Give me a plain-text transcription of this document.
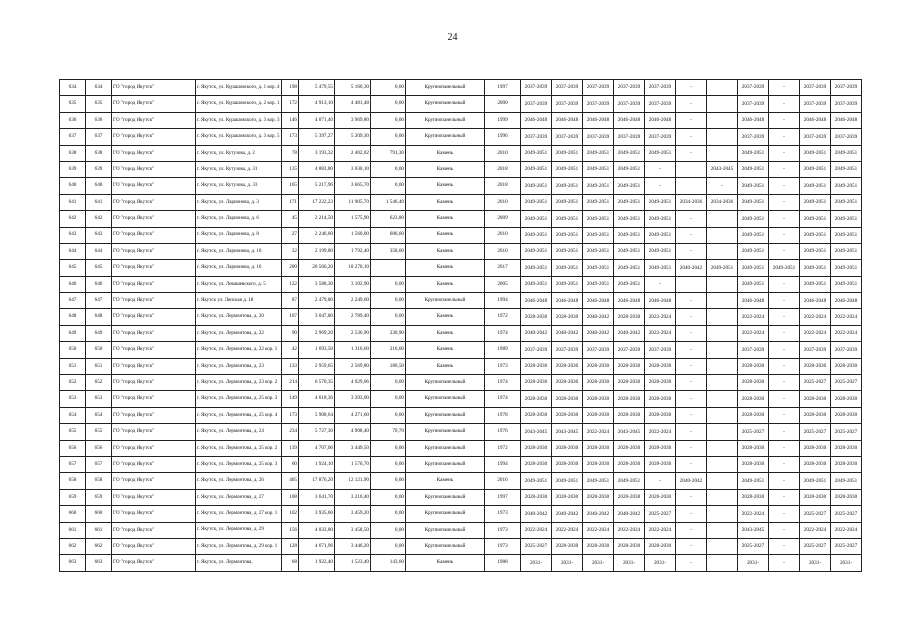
24
634	634	ГО "город Якутск"	г. Якутск, ул. Курашовского, д. 1 кор. 4	198	5 479,55	5 160,30	0,00	Крупнопанельный	1997	2037-2039	2037-2039	2037-2039	2037-2039	2037-2039	-		2037-2039	-	2037-2039	2037-2039
635	635	ГО "город Якутск"	г. Якутск, ул. Курашовского, д. 2 кор. 1	172	4 913,10	4 481,48	0,00	Крупнопанельный	2000	2037-2039	2037-2039	2037-2039	2037-2039	2037-2039	-		2037-2039	-	2037-2039	2037-2039
636	636	ГО "город Якутск"	г. Якутск, ул. Курашовского, д. 3 кор. 3	146	4 071,40	3 969,80	0,00	Крупнопанельный	1999	2046-2048	2046-2048	2046-2048	2046-2048	2046-2048	-		2046-2048	-	2046-2048	2046-2048
637	637	ГО "город Якутск"	г. Якутск, ул. Курашовского, д. 3 кор. 5	173	5 397,27	5 209,30	0,00	Крупнопанельный	1996	2037-2039	2037-2039	2037-2039	2037-2039	2037-2039	-		2037-2039	-	2037-2039	2037-2039
638	638	ГО "город Якутск"	г. Якутск, ул. Кутузова, д. 2	78	3 193,32	2 402,02	791,30	Камень	2010	2049-2051	2049-2051	2049-2051	2049-2051	2049-2051	-		2049-2051	-	2049-2051	2049-2051
639	639	ГО "город Якутск"	г. Якутск, ул. Кутузова, д. 31	135	4 883,80	3 630,10	0,00	Камень	2018	2049-2051	2049-2051	2049-2051	2049-2051	-		2043-2045	2049-2051	-	2049-2051	2049-2051
640	640	ГО "город Якутск"	г. Якутск, ул. Кутузова, д. 33	165	5 217,96	3 665,70	0,00	Камень	2018	2049-2051	2049-2051	2049-2051	2049-2051	-		-	2049-2051	-	2049-2051	2049-2051
641	641	ГО "город Якутск"	г. Якутск, ул. Ларионова, д. 3	171	17 222,23	11 905,70	1 546,40	Камень	2010	2049-2051	2049-2051	2049-2051	2049-2051	2049-2051	2034-2036	2034-2036	2049-2051	-	2049-2051	2049-2051
642	642	ГО "город Якутск"	г. Якутск, ул. Ларионова, д. 6	45	2 214,50	1 575,90	623,80	Камень	2009	2049-2051	2049-2051	2049-2051	2049-2051	2049-2051	-		2049-2051	-	2049-2051	2049-2051
643	643	ГО "город Якутск"	г. Якутск, ул. Ларионова, д. 8	27	2 246,60	1 560,00	686,60	Камень	2010	2049-2051	2049-2051	2049-2051	2049-2051	2049-2051	-		2049-2051	-	2049-2051	2049-2051
644	644	ГО "город Якутск"	г. Якутск, ул. Ларионова, д. 10	32	2 199,80	1 792,40	358,60	Камень	2010	2049-2051	2049-2051	2049-2051	2049-2051	2049-2051	-		2049-2051	-	2049-2051	2049-2051
645	645	ГО "город Якутск"	г. Якутск, ул. Ларионова, д. 16	200	20 566,20	18 270,10		Камень	2017	2049-2051	2049-2051	2049-2051	2049-2051	2049-2051	2040-2042	2049-2051	2049-2051	2049-2051	2049-2051	2049-2051
646	646	ГО "город Якутск"	г. Якутск, ул. Левашевского, д. 5	122	3 588,30	3 102,90	0,00	Камень	2005	2049-2051	2049-2051	2049-2051	2049-2051	-			2049-2051	-	2049-2051	2049-2051
647	647	ГО "город Якутск"	г. Якутск ул. Ленская д. 18	87	2 479,80	2 249,60	0,00	Крупнопанельный	1994	2046-2048	2046-2048	2046-2048	2046-2048	2046-2048	-		2046-2048	-	2046-2048	2046-2048
648	648	ГО "город Якутск"	г. Якутск, ул. Лермонтова, д. 20	107	3 047,80	2 789,40	0,00	Камень	1972	2028-2030	2028-2030	2040-2042	2028-2030	2022-2024	-		2022-2024	-	2022-2024	2022-2024
649	649	ГО "город Якутск"	г. Якутск, ул. Лермонтова, д. 22	90	2 969,20	2 536,90	230,90	Камень	1974	2040-2042	2040-2042	2040-2042	2040-2042	2022-2024	-		2022-2024	-	2022-2024	2022-2024
650	650	ГО "город Якутск"	г. Якутск, ул. Лермонтова, д. 22 кор. 1	42	1 693,50	1 316,60	216,60	Камень	1989	2037-2039	2037-2039	2037-2039	2037-2039	2037-2039	-		2037-2039	-	2037-2039	2037-2039
651	651	ГО "город Якутск"	г. Якутск, ул. Лермонтова, д. 23	133	2 959,65	2 569,80	180,50	Камень	1973	2028-2030	2028-2030	2028-2030	2028-2030	2028-2030	-		2028-2030	-	2028-2030	2028-2030
652	652	ГО "город Якутск"	г. Якутск, ул. Лермонтова, д. 23 кор. 2	214	6 570,35	4 929,06	0,00	Крупнопанельный	1974	2028-2030	2028-2030	2028-2030	2028-2030	2028-2030	-		2028-2030	-	2025-2027	2025-2027
653	653	ГО "город Якутск"	г. Якутск, ул. Лермонтова, д. 25 кор. 3	149	4 618,36	3 393,00	0,00	Крупнопанельный	1974	2028-2030	2028-2030	2028-2030	2028-2030	2028-2030	-		2028-2030	-	2028-2030	2028-2030
654	654	ГО "город Якутск"	г. Якутск, ул. Лермонтова, д. 25 кор. 4	173	5 908,64	4 271,60	0,00	Крупнопанельный	1978	2028-2030	2028-2030	2028-2030	2028-2030	2028-2030	-		2028-2030	-	2028-2030	2028-2030
655	655	ГО "город Якутск"	г. Якутск, ул. Лермонтова, д. 24	234	5 727,30	4 908,40	70,70	Крупнопанельный	1976	2043-2045	2043-2045	2022-2024	2043-2045	2022-2024	-		2025-2027	-	2025-2027	2025-2027
656	656	ГО "город Якутск"	г. Якутск, ул. Лермонтова, д. 25 кор. 2	139	4 707,06	3 449,50	0,00	Крупнопанельный	1972	2028-2030	2028-2030	2028-2030	2028-2030	2028-2030	-		2028-2030	-	2028-2030	2028-2030
657	657	ГО "город Якутск"	г. Якутск, ул. Лермонтова, д. 25 кор. 3	60	1 924,10	1 570,70	0,00	Крупнопанельный	1994	2028-2030	2028-2030	2028-2030	2028-2030	2028-2030	-		2028-2030	-	2028-2030	2028-2030
658	658	ГО "город Якутск"	г. Якутск, ул. Лермонтова, д. 26	405	17 876,20	12 121,90	0,00	Камень	2016	2049-2051	2049-2051	2049-2051	2049-2051	-	2040-2042		2049-2051	-	2049-2051	2049-2051
659	659	ГО "город Якутск"	г. Якутск, ул. Лермонтова, д. 27	108	3 641,70	3 216,40	0,00	Крупнопанельный	1997	2028-2030	2028-2030	2028-2030	2028-2030	2028-2030	-		2028-2030	-	2028-2030	2028-2030
660	660	ГО "город Якутск"	г. Якутск, ул. Лермонтова, д. 27 кор. 1	102	3 935,60	3 459,20	0,00	Крупнопанельный	1973	2040-2042	2040-2042	2040-2042	2040-2042	2025-2027	-		2022-2024	-	2025-2027	2025-2027
661	661	ГО "город Якутск"	г. Якутск, ул. Лермонтова, д. 29	156	4 033,80	3 458,50	0,00	Крупнопанельный	1973	2022-2024	2022-2024	2022-2024	2022-2024	2022-2024	-		2043-2045	-	2022-2024	2022-2024
662	662	ГО "город Якутск"	г. Якутск, ул. Лермонтова, д. 29 кор. 1	128	4 671,96	3 446,20	0,00	Крупнопанельный	1973	2025-2027	2028-2030	2028-2030	2028-2030	2028-2030	-		2025-2027	-	2025-2027	2025-2027
663	663	ГО "город Якутск"	г. Якутск, ул. Лермонтова,	68	1 922,40	1 523,40	143,60	Камень	1988	2031-	2031-	2031-	2031-	2031-	-		2031-	-	2031-	2031-
